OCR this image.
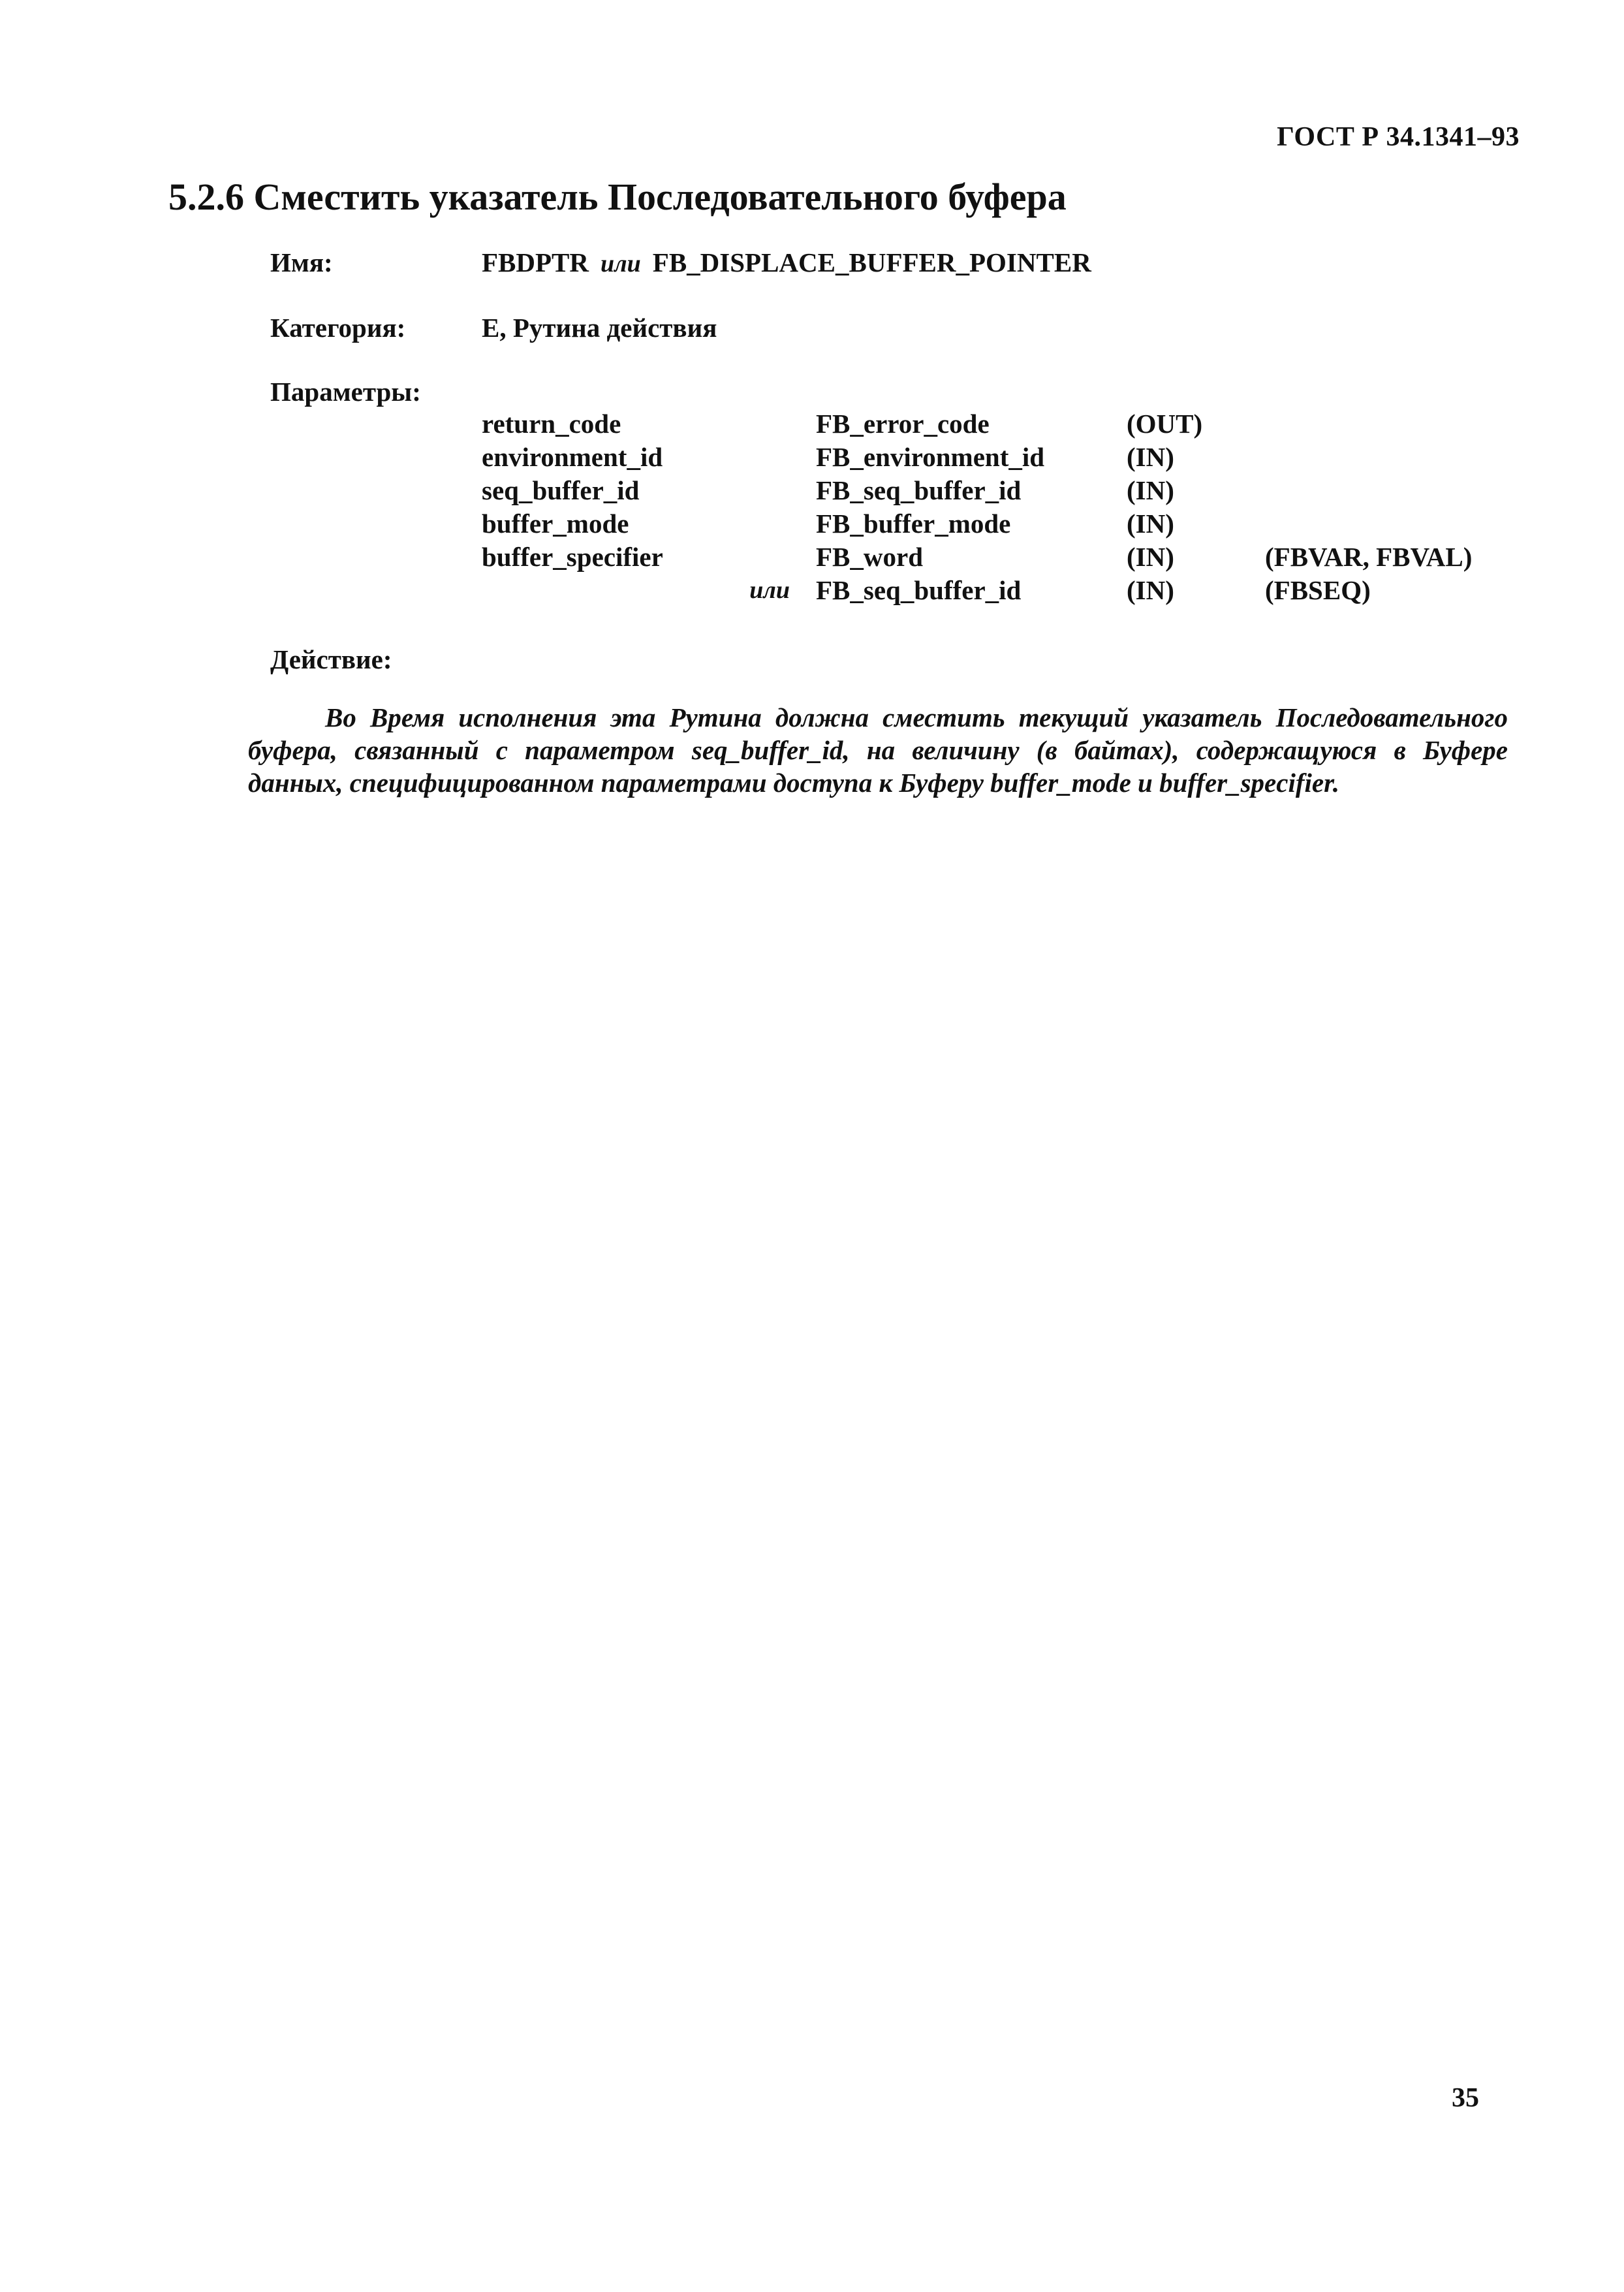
ГОСТ Р 34.1341–93
5.2.6 Сместить указатель Последовательного буфера
Имя:	FBDPTR или FB_DISPLACE_BUFFER_POINTER
Категория:	E, Рутина действия
Параметры:
return_code		FB_error_code	(OUT)	
environment_id		FB_environment_id	(IN)	
seq_buffer_id		FB_seq_buffer_id	(IN)	
buffer_mode		FB_buffer_mode	(IN)	
buffer_specifier		FB_word	(IN)	(FBVAR, FBVAL)
	или	FB_seq_buffer_id	(IN)	(FBSEQ)
Действие:
Во Время исполнения эта Рутина должна сместить текущий указатель Последовательного
буфера, связанный с параметром seq_buffer_id, на величину (в байтах), содержащуюся в Буфере
данных, специфицированном параметрами доступа к Буферу buffer_mode и buffer_specifier.
35
